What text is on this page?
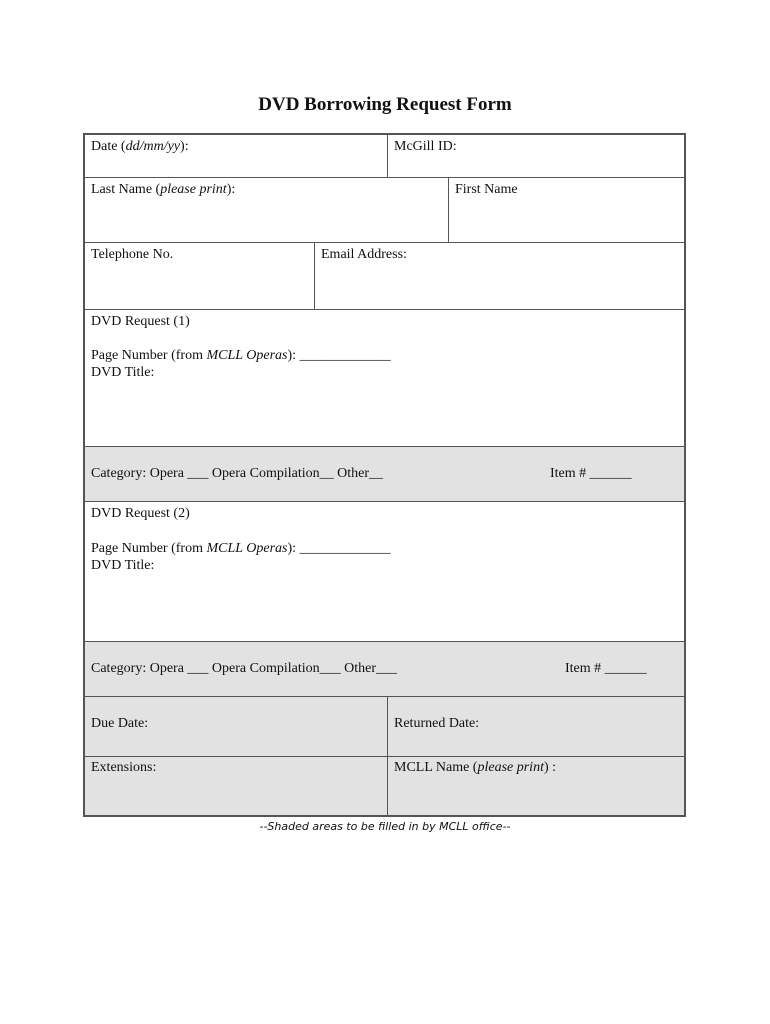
DVD Borrowing Request Form
Date (dd/mm/yy):	McGill ID:
Last Name (please print):	First Name
Telephone No.	Email Address:
DVD Request (1)
Page Number (from MCLL Operas): _____________
DVD Title:
Category: Opera ___ Opera Compilation__ Other__	Item # ______
DVD Request (2)
Page Number (from MCLL Operas): _____________
DVD Title:
Category: Opera ___ Opera Compilation___ Other___	Item # ______
Due Date:	Returned Date:
Extensions:	MCLL Name (please print) :
--Shaded areas to be filled in by MCLL office--
